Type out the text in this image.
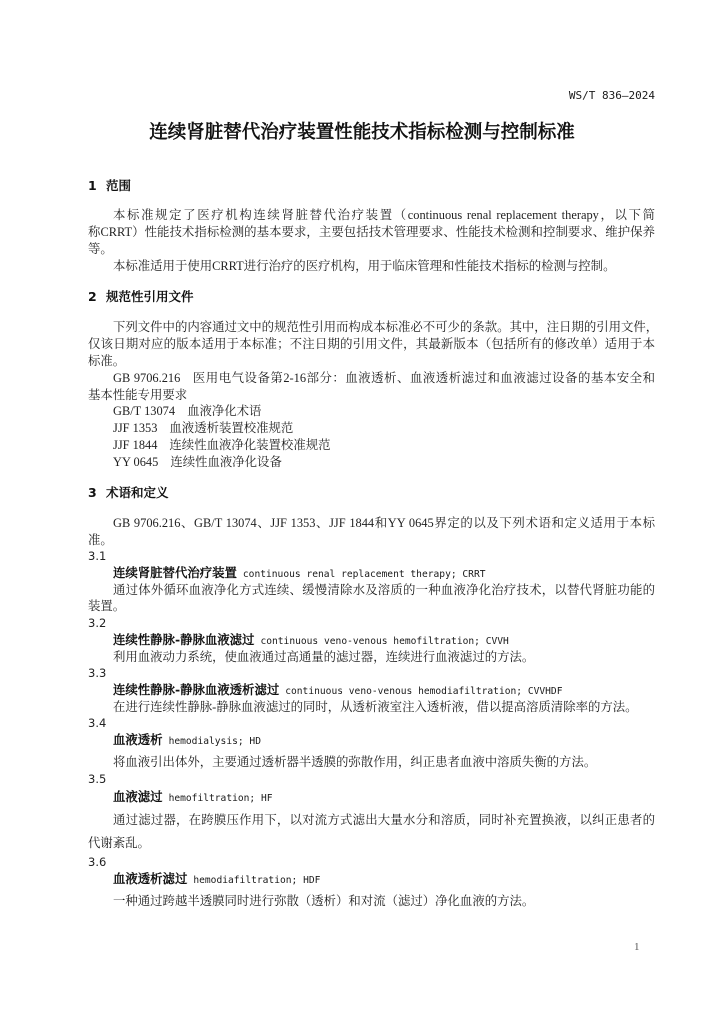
WS/T 836—2024
连续肾脏替代治疗装置性能技术指标检测与控制标准
1 范围
本标准规定了医疗机构连续肾脏替代治疗装置（continuous renal replacement therapy，以下简
称CRRT）性能技术指标检测的基本要求，主要包括技术管理要求、性能技术检测和控制要求、维护保养
等。
本标准适用于使用CRRT进行治疗的医疗机构，用于临床管理和性能技术指标的检测与控制。
2 规范性引用文件
下列文件中的内容通过文中的规范性引用而构成本标准必不可少的条款。其中，注日期的引用文件，
仅该日期对应的版本适用于本标准；不注日期的引用文件，其最新版本（包括所有的修改单）适用于本
标准。
GB 9706.216 医用电气设备第2-16部分：血液透析、血液透析滤过和血液滤过设备的基本安全和
基本性能专用要求
GB/T 13074 血液净化术语
JJF 1353 血液透析装置校准规范
JJF 1844 连续性血液净化装置校准规范
YY 0645 连续性血液净化设备
3 术语和定义
GB 9706.216、GB/T 13074、JJF 1353、JJF 1844和YY 0645界定的以及下列术语和定义适用于本标
准。
3.1
连续肾脏替代治疗装置 continuous renal replacement therapy; CRRT
通过体外循环血液净化方式连续、缓慢清除水及溶质的一种血液净化治疗技术，以替代肾脏功能的
装置。
3.2
连续性静脉-静脉血液滤过 continuous veno-venous hemofiltration; CVVH
利用血液动力系统，使血液通过高通量的滤过器，连续进行血液滤过的方法。
3.3
连续性静脉-静脉血液透析滤过 continuous veno-venous hemodiafiltration; CVVHDF
在进行连续性静脉-静脉血液滤过的同时，从透析液室注入透析液，借以提高溶质清除率的方法。
3.4
血液透析 hemodialysis; HD
将血液引出体外，主要通过透析器半透膜的弥散作用，纠正患者血液中溶质失衡的方法。
3.5
血液滤过 hemofiltration; HF
通过滤过器，在跨膜压作用下，以对流方式滤出大量水分和溶质，同时补充置换液，以纠正患者的
代谢紊乱。
3.6
血液透析滤过 hemodiafiltration; HDF
一种通过跨越半透膜同时进行弥散（透析）和对流（滤过）净化血液的方法。
1
